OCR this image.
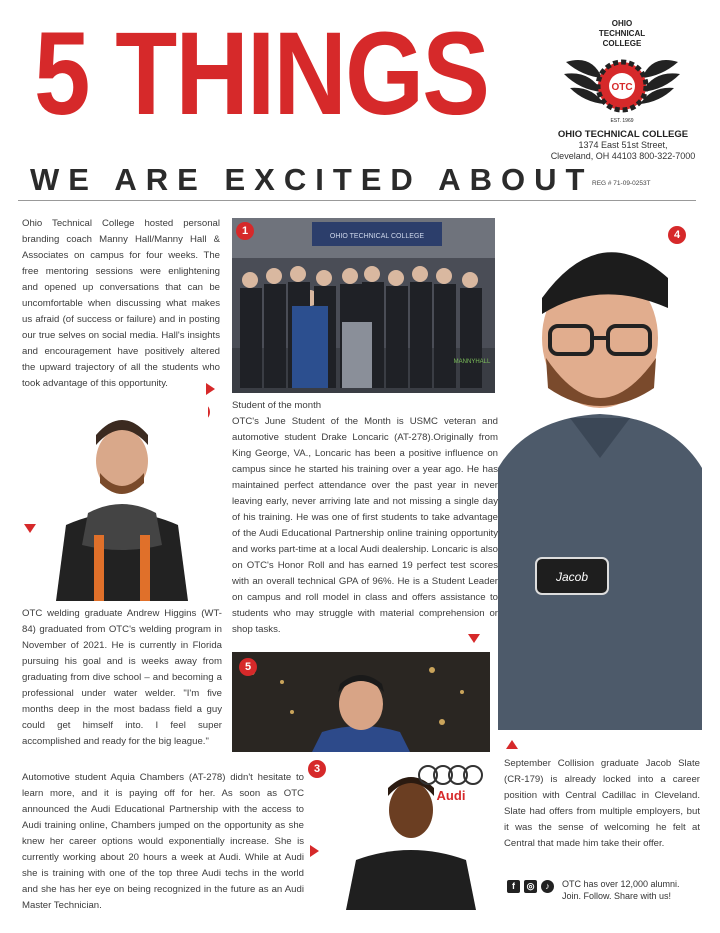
5 THINGS
WE ARE EXCITED ABOUT
OTC
OHIO
TECHNICAL
COLLEGE
EST. 1969
OHIO TECHNICAL COLLEGE
1374 East 51st Street,
Cleveland, OH 44103 800-322-7000
REG # 71-09-0253T
Ohio Technical College hosted personal branding coach Manny Hall/Manny Hall & Associates on campus for four weeks. The free mentoring sessions were enlightening and opened up conversations that can be uncomfortable when discussing what makes us afraid (of success or failure) and in posting our true selves on social media. Hall's insights and encouragement have positively altered the upward trajectory of all the students who took advantage of this opportunity.
OHIO TECHNICAL COLLEGE
MANNYHALL
1
OTC welding graduate Andrew Higgins (WT-84) graduated from OTC's welding program in November of 2021. He is currently in Florida pursuing his goal and is weeks away from graduating from dive school – and becoming a professional under water welder. "I'm five months deep in the most badass field a guy could get himself into. I feel super accomplished and ready for the big league."
Student of the month
OTC's June Student of the Month is USMC veteran and automotive student Drake Loncaric (AT-278).Originally from King George, VA., Loncaric has been a positive influence on campus since he started his training over a year ago. He has maintained perfect attendance over the past year in never leaving early, never arriving late and not missing a single day of his training. He was one of first students to take advantage of the Audi Educational Partnership online training opportunity and works part-time at a local Audi dealership. Loncaric is also on OTC's Honor Roll and has earned 19 perfect test scores with an overall technical GPA of 96%. He is a Student Leader on campus and roll model in class and offers assistance to students who may struggle with material comprehension or shop tasks.
5
Jacob
4
September Collision graduate Jacob Slate (CR-179) is already locked into a career position with Central Cadillac in Cleveland. Slate had offers from multiple employers, but it was the sense of welcoming he felt at Central that made him take their offer.
3
Automotive student Aquia Chambers (AT-278) didn't hesitate to learn more, and it is paying off for her. As soon as OTC announced the Audi Educational Partnership with the access to Audi training online, Chambers jumped on the opportunity as she knew her career options would exponentially increase. She is currently working about 20 hours a week at Audi. While at Audi she is training with one of the top three Audi techs in the world and she has her eye on being recognized in the future as an Audi Master Technician.
Audi
f	◎	♪	OTC has over 12,000 alumni.
Join. Follow. Share with us!
